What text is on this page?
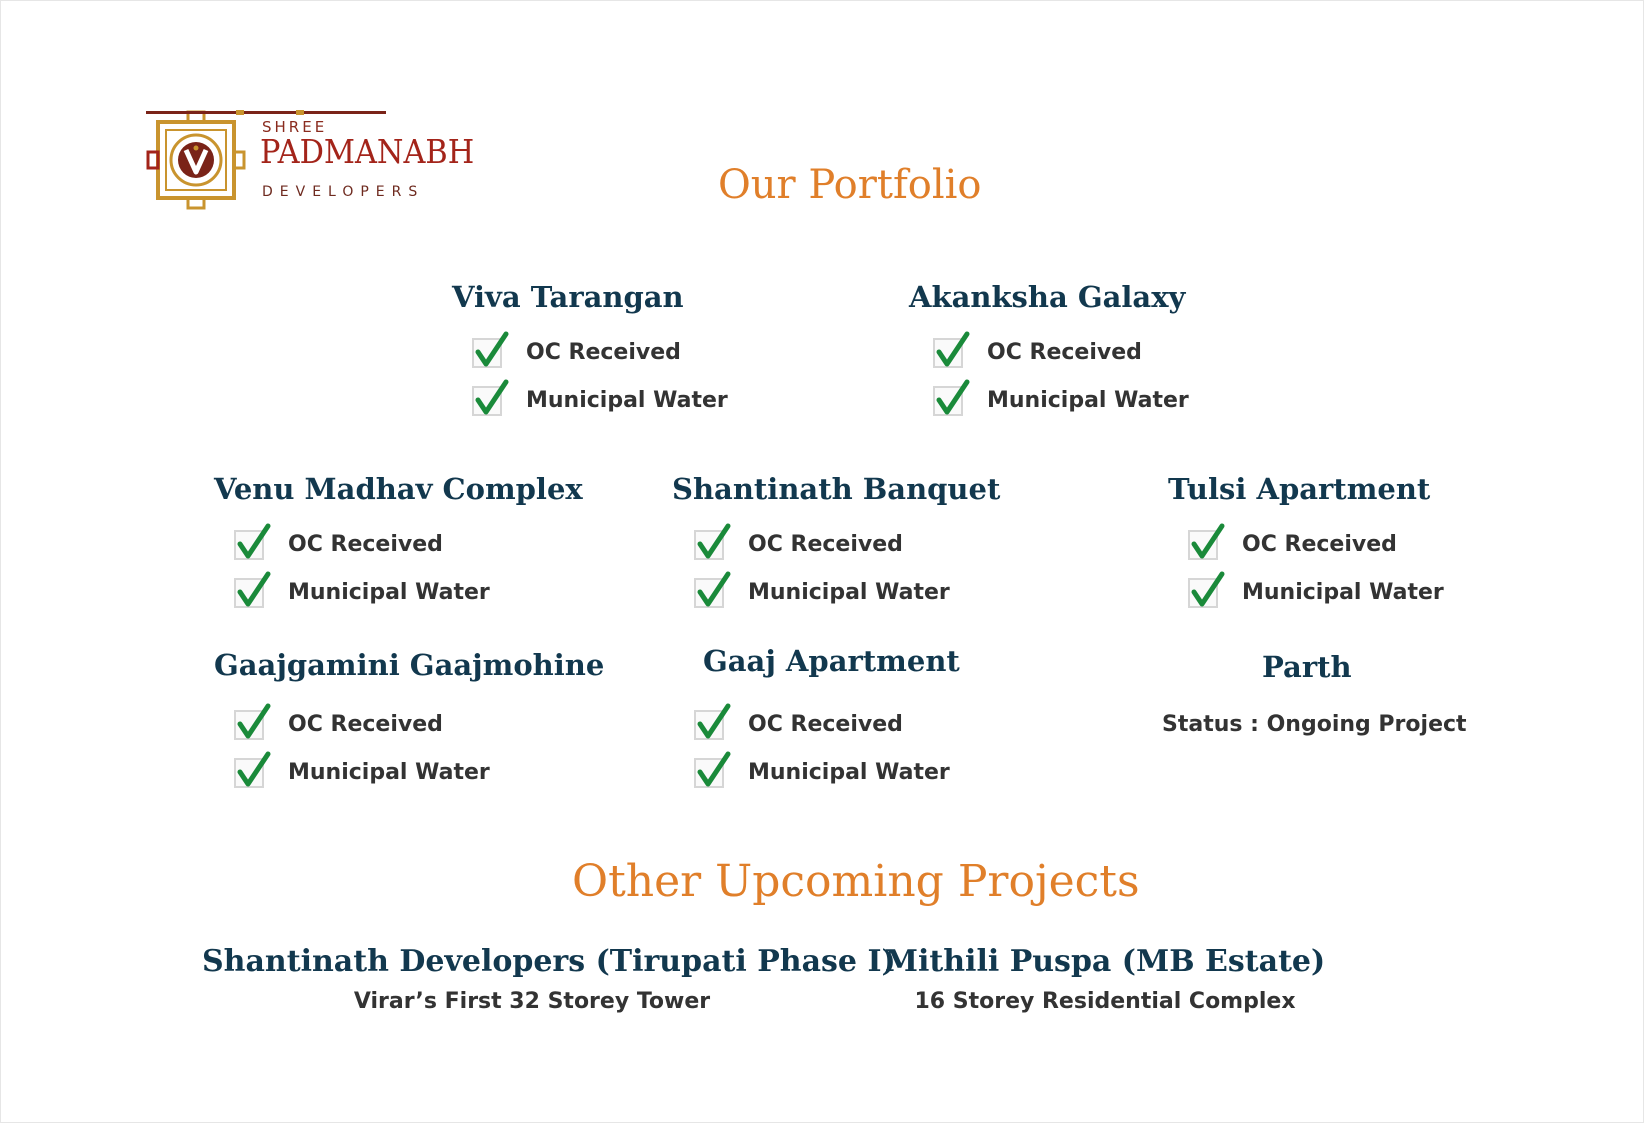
SHREE
PADMANABH
DEVELOPERS	Our Portfolio
Viva Tarangan
OC Received
Municipal Water
Akanksha Galaxy
OC Received
Municipal Water
Venu Madhav Complex
OC Received
Municipal Water
Shantinath Banquet
OC Received
Municipal Water
Tulsi Apartment
OC Received
Municipal Water
Gaajgamini Gaajmohine
OC Received
Municipal Water
Gaaj Apartment
OC Received
Municipal Water
Parth
Status : Ongoing Project
Other Upcoming Projects
Shantinath Developers (Tirupati Phase I)
Virar’s First 32 Storey Tower
Mithili Puspa (MB Estate)
16 Storey Residential Complex
